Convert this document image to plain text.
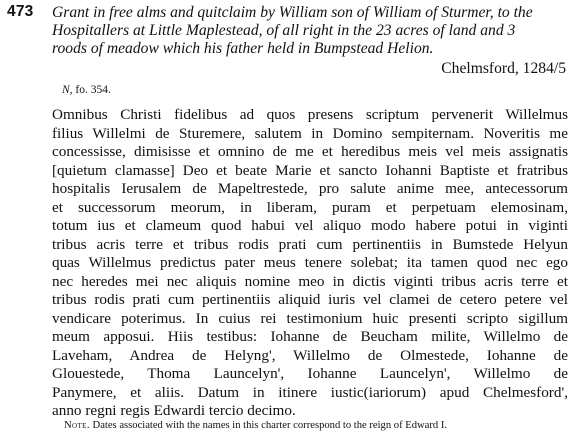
473 Grant in free alms and quitclaim by William son of William of Sturmer, to the
Hospitallers at Little Maplestead, of all right in the 23 acres of land and 3
roods of meadow which his father held in Bumpstead Helion.
Chelmsford, 1284/5
N, fo. 354.
Omnibus Christi fidelibus ad quos presens scriptum pervenerit Willelmus
filius Willelmi de Sturemere, salutem in Domino sempiternam. Noveritis me
concessisse, dimisisse et omnino de me et heredibus meis vel meis assignatis
[quietum clamasse] Deo et beate Marie et sancto Iohanni Baptiste et fratribus
hospitalis Ierusalem de Mapeltrestede, pro salute anime mee, antecessorum
et successorum meorum, in liberam, puram et perpetuam elemosinam,
totum ius et clameum quod habui vel aliquo modo habere potui in viginti
tribus acris terre et tribus rodis prati cum pertinentiis in Bumstede Helyun
quas Willelmus predictus pater meus tenere solebat; ita tamen quod nec ego
nec heredes mei nec aliquis nomine meo in dictis viginti tribus acris terre et
tribus rodis prati cum pertinentiis aliquid iuris vel clamei de cetero petere vel
vendicare poterimus. In cuius rei testimonium huic presenti scripto sigillum
meum apposui. Hiis testibus: Iohanne de Beucham milite, Willelmo de
Laveham, Andrea de Helyng', Willelmo de Olmestede, Iohanne de
Glouestede, Thoma Launcelyn', Iohanne Launcelyn', Willelmo de
Panymere, et aliis. Datum in itinere iustic(iariorum) apud Chelmesford',
anno regni regis Edwardi tercio decimo.
Note. Dates associated with the names in this charter correspond to the reign of Edward I.
